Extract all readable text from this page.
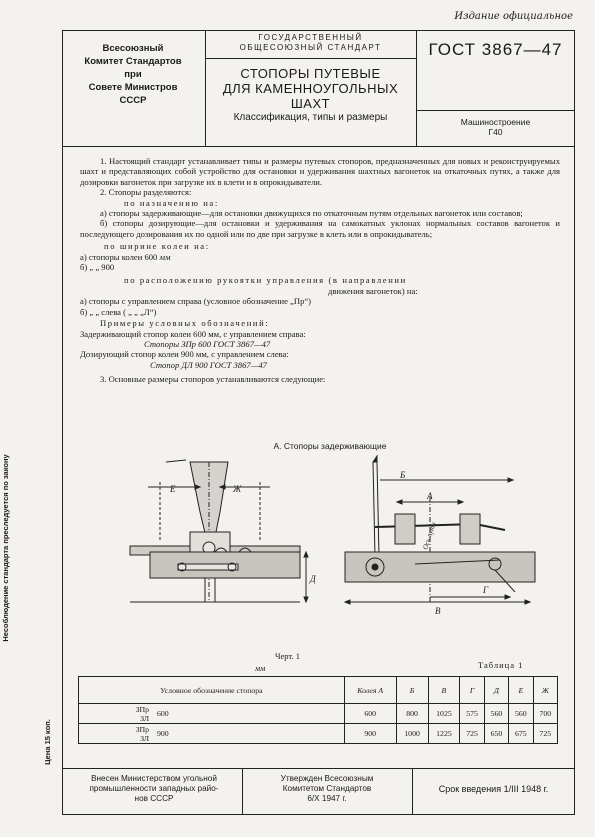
Издание официальное
Несоблюдение стандарта преследуется по закону
Цена 15 коп.
Всесоюзный
Комитет Стандартов
при
Совете Министров
СССР
ГОСУДАРСТВЕННЫЙ
ОБЩЕСОЮЗНЫЙ СТАНДАРТ
СТОПОРЫ ПУТЕВЫЕ
ДЛЯ КАМЕННОУГОЛЬНЫХ ШАХТ
Классификация, типы и размеры
ГОСТ 3867—47
Машиностроение
Г40

1. Настоящий стандарт устанавливает типы и размеры путевых стопоров, предназначенных для новых и реконструируемых шахт и представляющих собой устройство для остановки и удерживания шахтных вагонеток на откаточных путях, а также для дозировки вагонеток при загрузке их в клети и в опрокидыватели.

2. Стопоры разделяются:

по назначению на:

а) стопоры задерживающие—для остановки движущихся по откаточным путям отдельных вагонеток или составов;

б) стопоры дозирующие—для остановки и удерживания на самокатных уклонах нормальных составов вагонеток и последующего дозирования их по одной или по две при загрузке в клеть или в опрокидыватель;

по ширине колеи на:

а) стопоры колеи 600 мм

б) „ „ 900

по расположению рукоятки управления (в направлении

движения вагонеток) на:

а) стопоры с управлением справа (условное обозначение „Пр“)

б) „ „ слева ( „ „ „Л“)

Примеры условных обозначений:

Задерживающий стопор колеи 600 мм, с управлением справа:

Стопоры ЗПр 600 ГОСТ 3867—47

Дозирующий стопор колеи 900 мм, с управлением слева:

Стопор ДЛ 900 ГОСТ 3867—47

3. Основные размеры стопоров устанавливаются следующие:

А. Стопоры задерживающие
Е	Ж
Д
Б
А
В
Г
Ось пути
Черт. 1
мм	Таблица 1
Условное обозначение стопора		Колея А	Б	В	Г	Д	Е	Ж

ЗПр
ЗЛ	600	600	800	1025	575	560	560	700

ЗПр
ЗЛ	900	900	1000	1225	725	650	675	725
Внесен Министерством угольной
промышленности западных райо-
нов СССР
Утвержден Всесоюзным
Комитетом Стандартов
6/X 1947 г.
Срок введения 1/III 1948 г.
